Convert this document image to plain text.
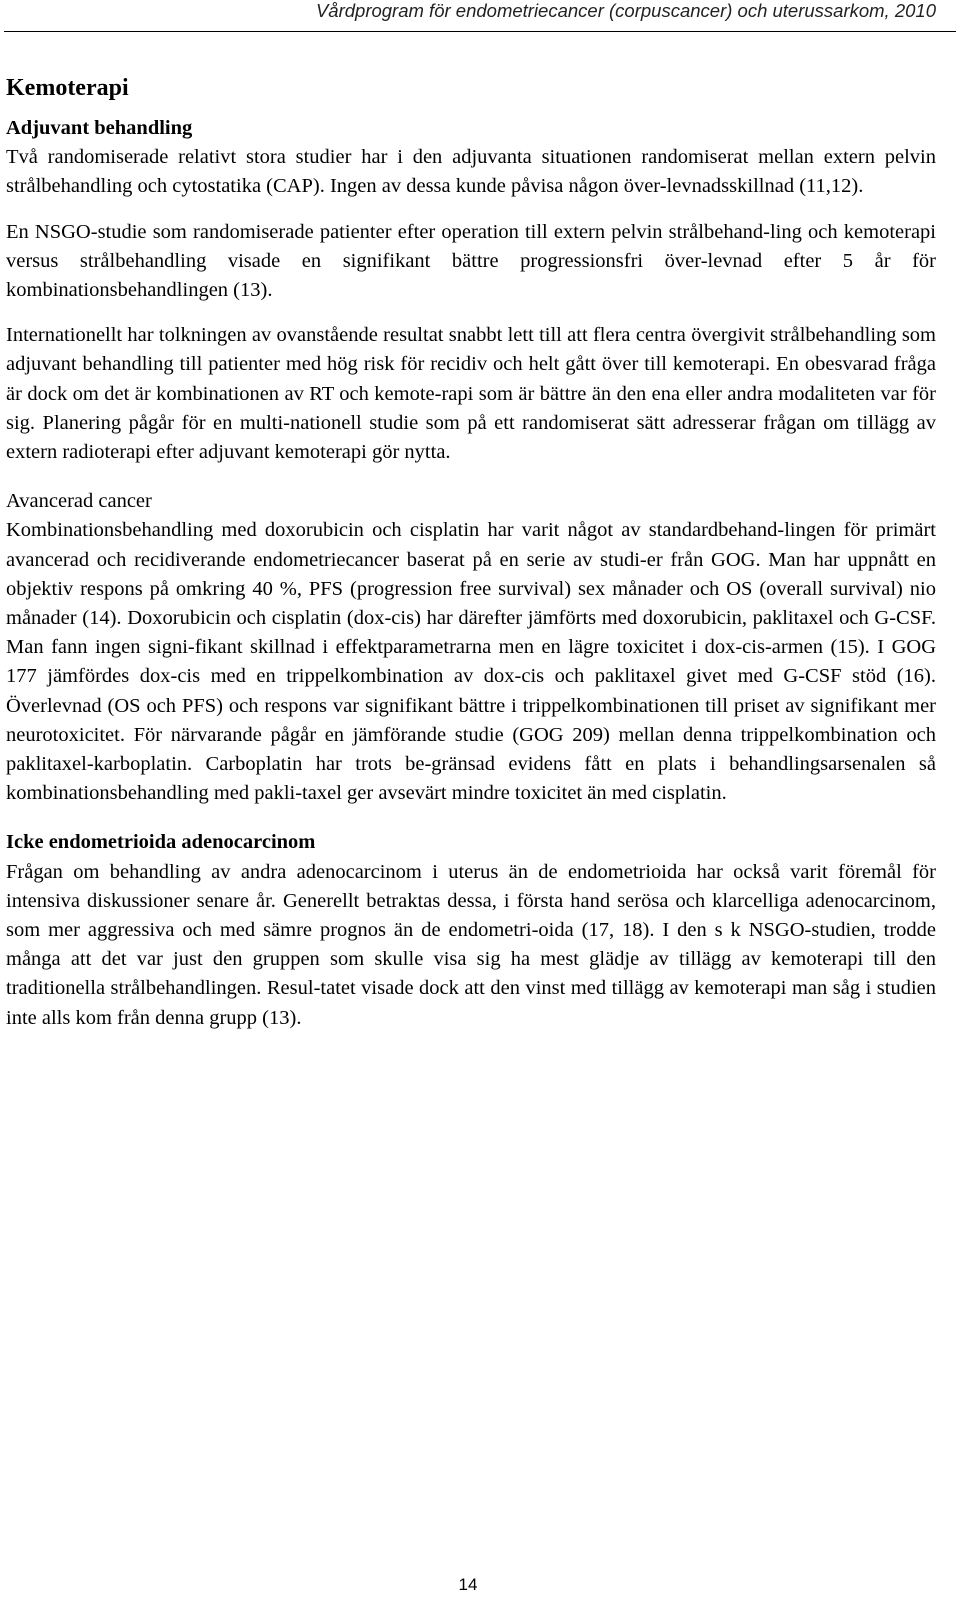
Vårdprogram för endometriecancer (corpuscancer) och uterussarkom, 2010
Kemoterapi
Adjuvant behandling

Två randomiserade relativt stora studier har i den adjuvanta situationen randomiserat mellan extern pelvin strålbehandling och cytostatika (CAP). Ingen av dessa kunde påvisa någon över-levnadsskillnad (11,12).

En NSGO-studie som randomiserade patienter efter operation till extern pelvin strålbehand-ling och kemoterapi versus strålbehandling visade en signifikant bättre progressionsfri över-levnad efter 5 år för kombinationsbehandlingen (13).

Internationellt har tolkningen av ovanstående resultat snabbt lett till att flera centra övergivit strålbehandling som adjuvant behandling till patienter med hög risk för recidiv och helt gått över till kemoterapi. En obesvarad fråga är dock om det är kombinationen av RT och kemote-rapi som är bättre än den ena eller andra modaliteten var för sig. Planering pågår för en multi-nationell studie som på ett randomiserat sätt adresserar frågan om tillägg av extern radioterapi efter adjuvant kemoterapi gör nytta.

Avancerad cancer

Kombinationsbehandling med doxorubicin och cisplatin har varit något av standardbehand-lingen för primärt avancerad och recidiverande endometriecancer baserat på en serie av studi-er från GOG. Man har uppnått en objektiv respons på omkring 40 %, PFS (progression free survival) sex månader och OS (overall survival) nio månader (14). Doxorubicin och cisplatin (dox-cis) har därefter jämförts med doxorubicin, paklitaxel och G-CSF. Man fann ingen signi-fikant skillnad i effektparametrarna men en lägre toxicitet i dox-cis-armen (15). I GOG 177 jämfördes dox-cis med en trippelkombination av dox-cis och paklitaxel givet med G-CSF stöd (16). Överlevnad (OS och PFS) och respons var signifikant bättre i trippelkombinationen till priset av signifikant mer neurotoxicitet. För närvarande pågår en jämförande studie (GOG 209) mellan denna trippelkombination och paklitaxel-karboplatin. Carboplatin har trots be-gränsad evidens fått en plats i behandlingsarsenalen så kombinationsbehandling med pakli-taxel ger avsevärt mindre toxicitet än med cisplatin.

Icke endometrioida adenocarcinom

Frågan om behandling av andra adenocarcinom i uterus än de endometrioida har också varit föremål för intensiva diskussioner senare år. Generellt betraktas dessa, i första hand serösa och klarcelliga adenocarcinom, som mer aggressiva och med sämre prognos än de endometri-oida (17, 18). I den s k NSGO-studien, trodde många att det var just den gruppen som skulle visa sig ha mest glädje av tillägg av kemoterapi till den traditionella strålbehandlingen. Resul-tatet visade dock att den vinst med tillägg av kemoterapi man såg i studien inte alls kom från denna grupp (13).

14
